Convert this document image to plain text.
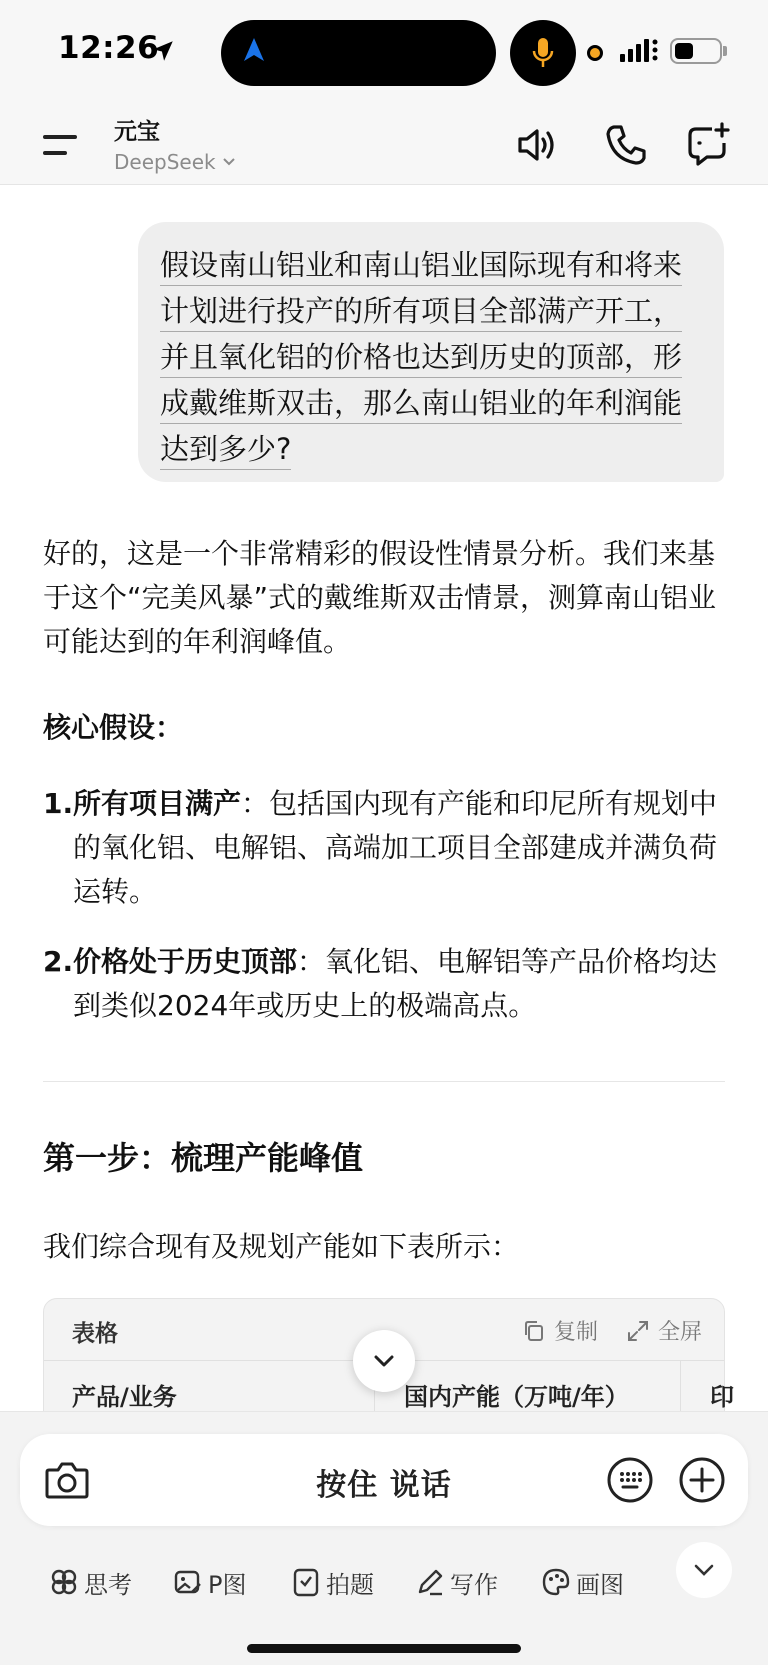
12:26
元宝
DeepSeek
假设南山铝业和南山铝业国际现有和将来
计划进行投产的所有项目全部满产开工，
并且氧化铝的价格也达到历史的顶部，形
成戴维斯双击，那么南山铝业的年利润能
达到多少?
好的，这是一个非常精彩的假设性情景分析。我们来基于这个“完美风暴”式的戴维斯双击情景，测算南山铝业可能达到的年利润峰值。
核心假设：
1. 所有项目满产：包括国内现有产能和印尼所有规划中的氧化铝、电解铝、高端加工项目全部建成并满负荷运转。
2. 价格处于历史顶部：氧化铝、电解铝等产品价格均达到类似2024年或历史上的极端高点。
第一步：梳理产能峰值
我们综合现有及规划产能如下表所示：
表格	复制	全屏
产品/业务	国内产能（万吨/年）	印
按住 说话
思考	P图	拍题	写作	画图
